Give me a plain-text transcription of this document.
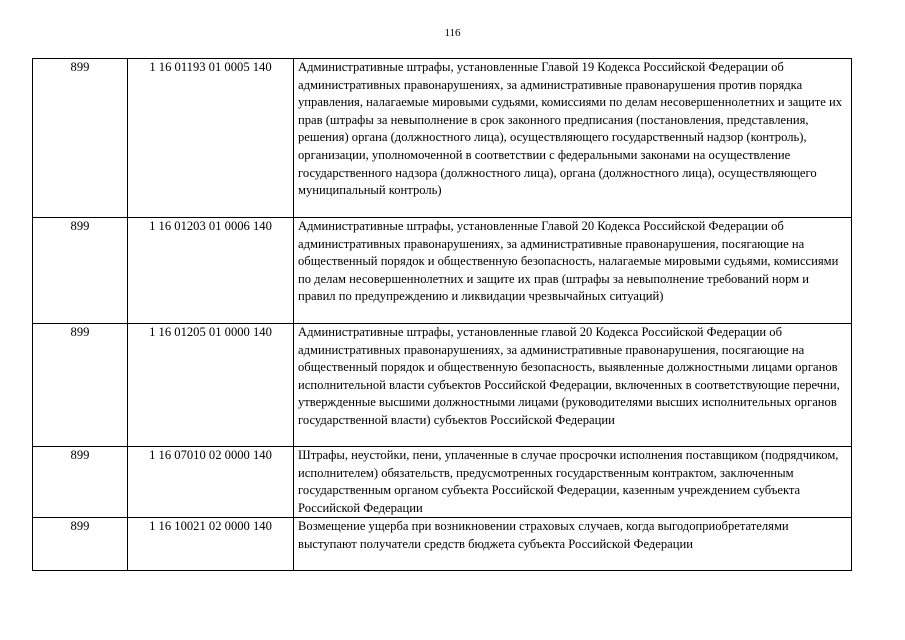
116
899	1 16 01193 01 0005 140	Административные штрафы, установленные Главой 19 Кодекса Российской Федерации об административных правонарушениях, за административные правонарушения против порядка управления, налагаемые мировыми судьями, комиссиями по делам несовершеннолетних и защите их прав (штрафы за невыполнение в срок законного предписания (постановления, представления, решения) органа (должностного лица), осуществляющего государственный надзор (контроль), организации, уполномоченной в соответствии с федеральными законами на осуществление государственного надзора (должностного лица), органа (должностного лица), осуществляющего муниципальный контроль)
899	1 16 01203 01 0006 140	Административные штрафы, установленные Главой 20 Кодекса Российской Федерации об административных правонарушениях, за административные правонарушения, посягающие на общественный порядок и общественную безопасность, налагаемые мировыми судьями, комиссиями по делам несовершеннолетних и защите их прав (штрафы за невыполнение требований норм и правил по предупреждению и ликвидации чрезвычайных ситуаций)
899	1 16 01205 01 0000 140	Административные штрафы, установленные главой 20 Кодекса Российской Федерации об административных правонарушениях, за административные правонарушения, посягающие на общественный порядок и общественную безопасность, выявленные должностными лицами органов исполнительной власти субъектов Российской Федерации, включенных в соответствующие перечни, утвержденные высшими должностными лицами (руководителями высших исполнительных органов государственной власти) субъектов Российской Федерации
899	1 16 07010 02 0000 140	Штрафы, неустойки, пени, уплаченные в случае просрочки исполнения поставщиком (подрядчиком, исполнителем) обязательств, предусмотренных государственным контрактом, заключенным государственным органом субъекта Российской Федерации, казенным учреждением субъекта Российской Федерации
899	1 16 10021 02 0000 140	Возмещение ущерба при возникновении страховых случаев, когда выгодоприобретателями выступают получатели средств бюджета субъекта Российской Федерации
